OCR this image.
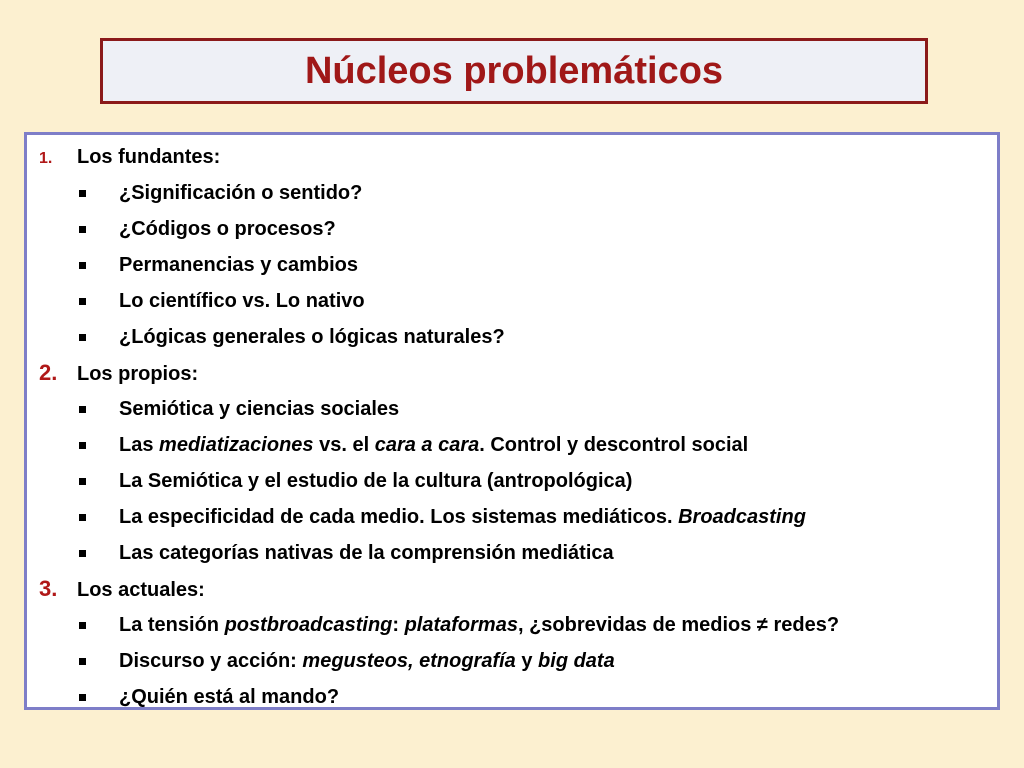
Núcleos problemáticos
1.	Los fundantes:
¿Significación o sentido?
¿Códigos o procesos?
Permanencias y cambios
Lo científico vs. Lo nativo
¿Lógicas generales o lógicas naturales?
2. Los propios:
Semiótica y ciencias sociales
Las mediatizaciones vs. el cara a cara. Control y descontrol social
La Semiótica y el estudio de la cultura (antropológica)
La especificidad de cada medio. Los sistemas mediáticos. Broadcasting
Las categorías nativas de la comprensión mediática
3. Los actuales:
La tensión postbroadcasting: plataformas, ¿sobrevidas de medios ≠ redes?
Discurso y acción: megusteos, etnografía y big data
¿Quién está al mando?
